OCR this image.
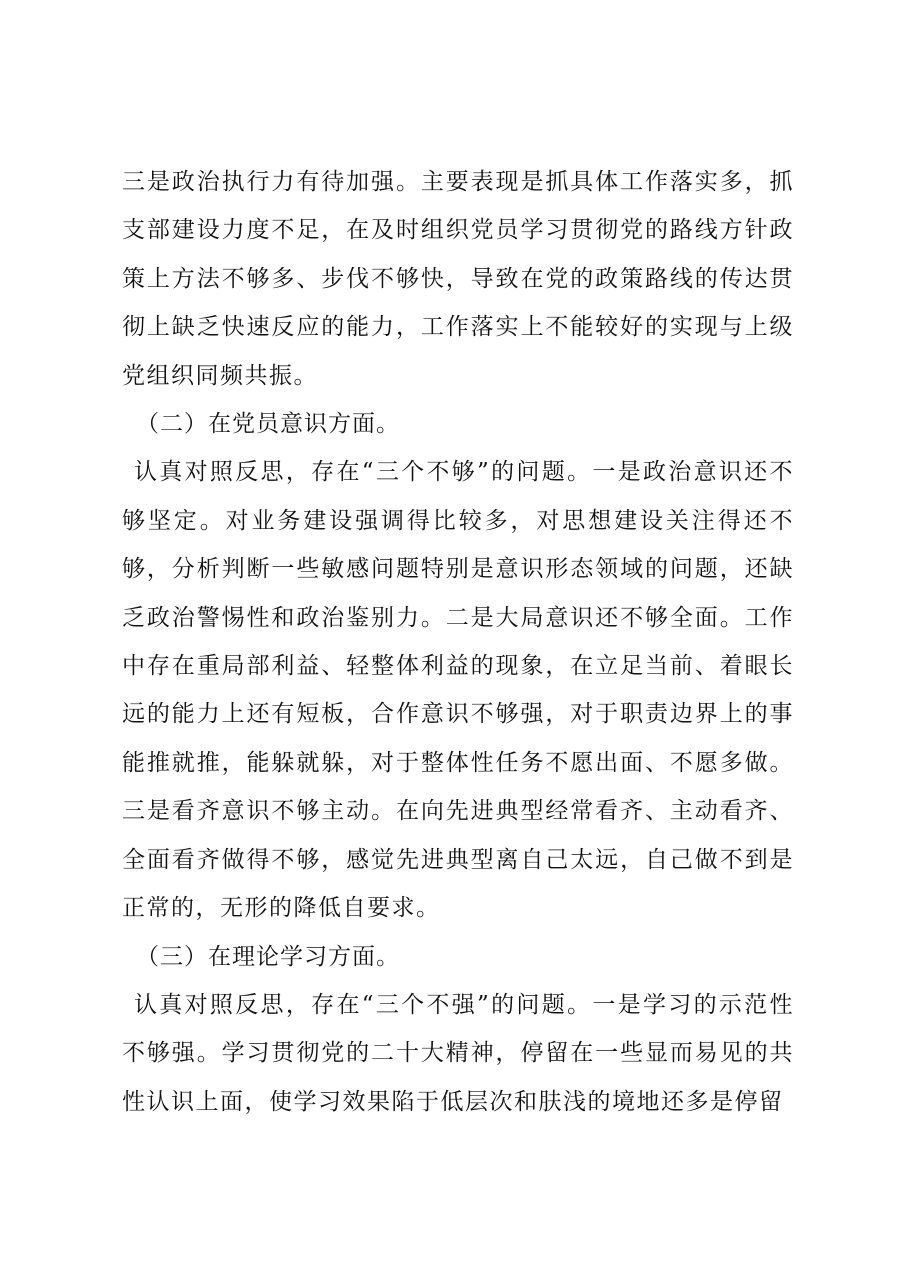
三是政治执行力有待加强。主要表现是抓具体工作落实多，抓支部建设力度不足，在及时组织党员学习贯彻党的路线方针政策上方法不够多、步伐不够快，导致在党的政策路线的传达贯彻上缺乏快速反应的能力，工作落实上不能较好的实现与上级党组织同频共振。

（二）在党员意识方面。

认真对照反思，存在“三个不够”的问题。一是政治意识还不够坚定。对业务建设强调得比较多，对思想建设关注得还不够，分析判断一些敏感问题特别是意识形态领域的问题，还缺乏政治警惕性和政治鉴别力。二是大局意识还不够全面。工作中存在重局部利益、轻整体利益的现象，在立足当前、着眼长远的能力上还有短板，合作意识不够强，对于职责边界上的事能推就推，能躲就躲，对于整体性任务不愿出面、不愿多做。三是看齐意识不够主动。在向先进典型经常看齐、主动看齐、全面看齐做得不够，感觉先进典型离自己太远，自己做不到是正常的，无形的降低自要求。

（三）在理论学习方面。

认真对照反思，存在“三个不强”的问题。一是学习的示范性不够强。学习贯彻党的二十大精神，停留在一些显而易见的共性认识上面，使学习效果陷于低层次和肤浅的境地还多是停留
